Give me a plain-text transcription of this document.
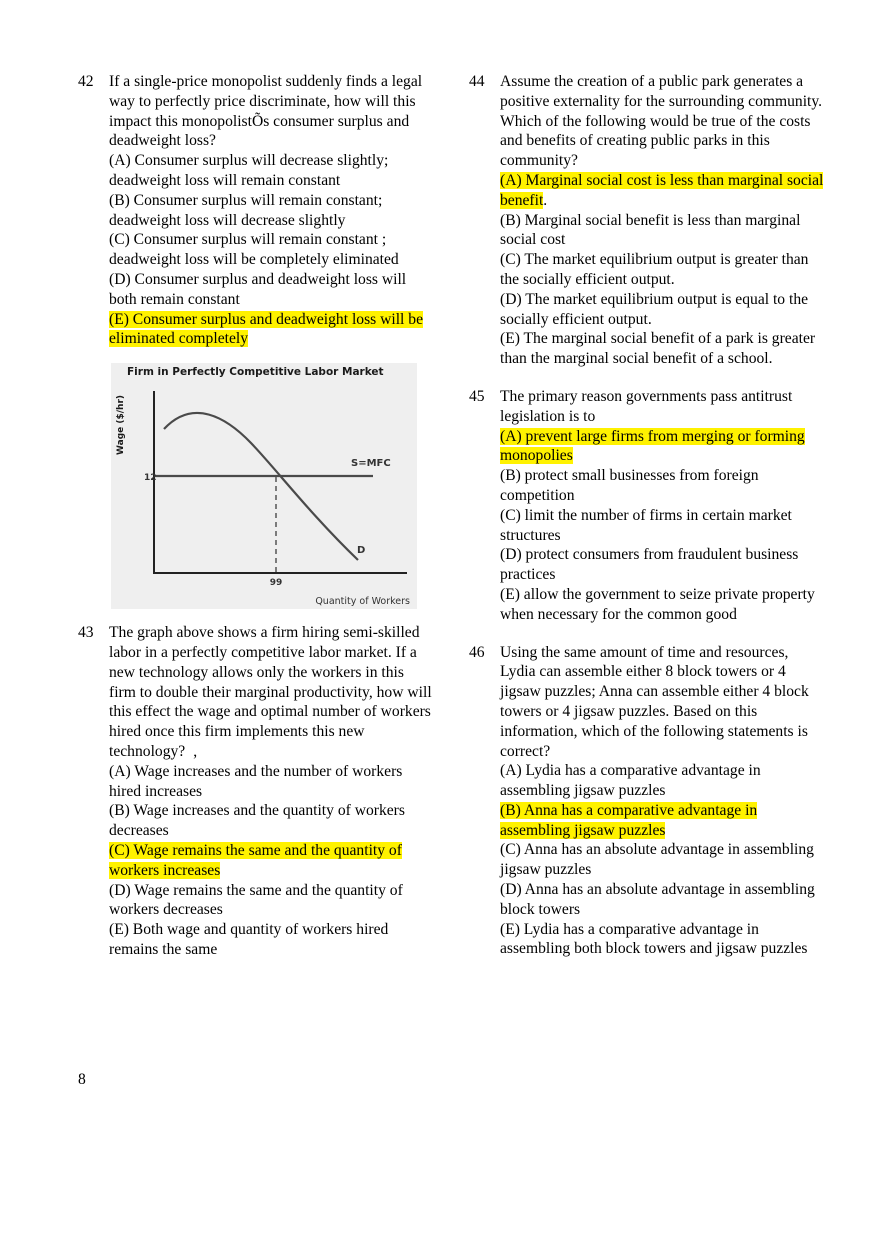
42 If a single-price monopolist suddenly finds a legal way to perfectly price discriminate, how will this impact this monopolistÕs consumer surplus and deadweight loss?
(A) Consumer surplus will decrease slightly; deadweight loss will remain constant
(B) Consumer surplus will remain constant; deadweight loss will decrease slightly
(C) Consumer surplus will remain constant ; deadweight loss will be completely eliminated
(D) Consumer surplus and deadweight loss will both remain constant
(E) Consumer surplus and deadweight loss will be eliminated completely
Firm in Perfectly Competitive Labor Market
Wage ($/hr)
12
99
S=MFC
D
Quantity of Workers
43 The graph above shows a firm hiring semi-skilled labor in a perfectly competitive labor market. If a new technology allows only the workers in this firm to double their marginal productivity, how will this effect the wage and optimal number of workers hired once this firm implements this new technology? ,
(A) Wage increases and the number of workers hired increases
(B) Wage increases and the quantity of workers decreases
(C) Wage remains the same and the quantity of workers increases
(D) Wage remains the same and the quantity of workers decreases
(E) Both wage and quantity of workers hired remains the same
44 Assume the creation of a public park generates a positive externality for the surrounding community. Which of the following would be true of the costs and benefits of creating public parks in this community?
(A) Marginal social cost is less than marginal social benefit.
(B) Marginal social benefit is less than marginal social cost
(C) The market equilibrium output is greater than the socially efficient output.
(D) The market equilibrium output is equal to the socially efficient output.
(E) The marginal social benefit of a park is greater than the marginal social benefit of a school.
45 The primary reason governments pass antitrust legislation is to
(A) prevent large firms from merging or forming monopolies
(B) protect small businesses from foreign competition
(C) limit the number of firms in certain market structures
(D) protect consumers from fraudulent business practices
(E) allow the government to seize private property when necessary for the common good
46 Using the same amount of time and resources, Lydia can assemble either 8 block towers or 4 jigsaw puzzles; Anna can assemble either 4 block towers or 4 jigsaw puzzles. Based on this information, which of the following statements is correct?
(A) Lydia has a comparative advantage in assembling jigsaw puzzles
(B) Anna has a comparative advantage in assembling jigsaw puzzles
(C) Anna has an absolute advantage in assembling jigsaw puzzles
(D) Anna has an absolute advantage in assembling block towers
(E) Lydia has a comparative advantage in assembling both block towers and jigsaw puzzles
8
